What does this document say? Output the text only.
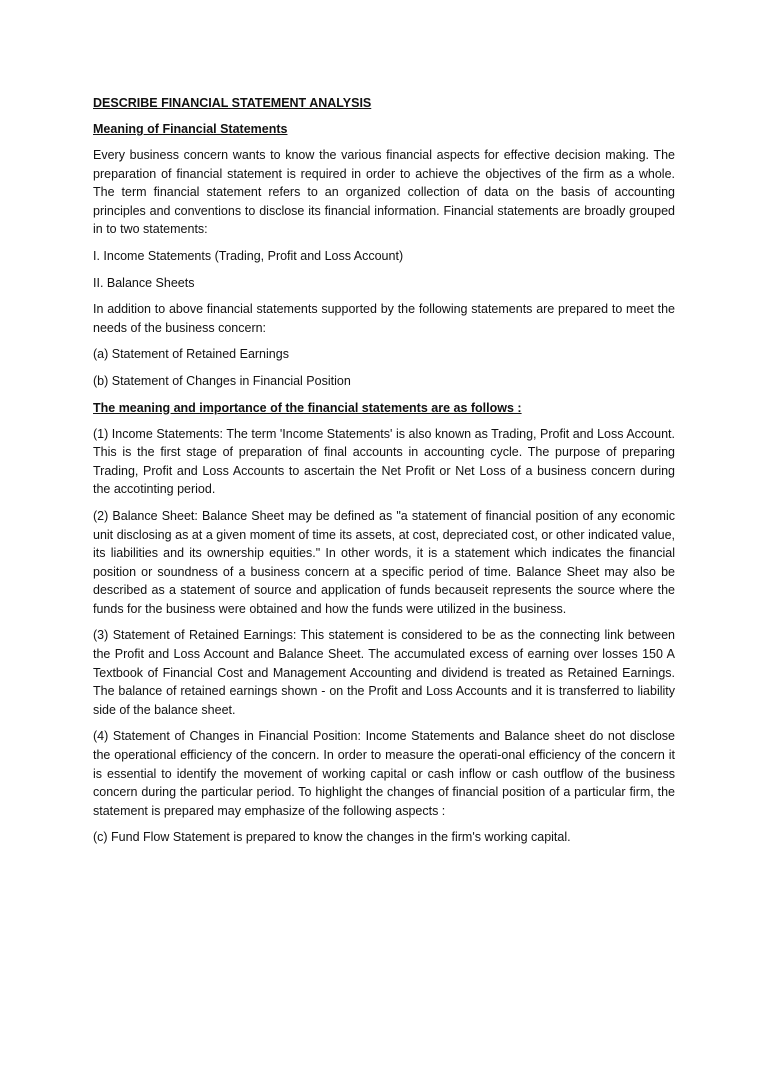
DESCRIBE FINANCIAL STATEMENT ANALYSIS
Meaning of Financial Statements

Every business concern wants to know the various financial aspects for effective decision making. The preparation of financial statement is required in order to achieve the objectives of the firm as a whole. The term financial statement refers to an organized collection of data on the basis of accounting principles and conventions to disclose its financial information. Financial statements are broadly grouped in to two statements:

I. Income Statements (Trading, Profit and Loss Account)

II. Balance Sheets

In addition to above financial statements supported by the following statements are prepared to meet the needs of the business concern:

(a) Statement of Retained Earnings

(b) Statement of Changes in Financial Position

The meaning and importance of the financial statements are as follows :

(1) Income Statements: The term 'Income Statements' is also known as Trading, Profit and Loss Account. This is the first stage of preparation of final accounts in accounting cycle. The purpose of preparing Trading, Profit and Loss Accounts to ascertain the Net Profit or Net Loss of a business concern during the accotinting period.

(2) Balance Sheet: Balance Sheet may be defined as "a statement of financial position of any economic unit disclosing as at a given moment of time its assets, at cost, depreciated cost, or other indicated value, its liabilities and its ownership equities." In other words, it is a statement which indicates the financial position or soundness of a business concern at a specific period of time. Balance Sheet may also be described as a statement of source and application of funds becauseit represents the source where the funds for the business were obtained and how the funds were utilized in the business.

(3) Statement of Retained Earnings: This statement is considered to be as the connecting link between the Profit and Loss Account and Balance Sheet. The accumulated excess of earning over losses 150 A Textbook of Financial Cost and Management Accounting and dividend is treated as Retained Earnings. The balance of retained earnings shown - on the Profit and Loss Accounts and it is transferred to liability side of the balance sheet.

(4) Statement of Changes in Financial Position: Income Statements and Balance sheet do not disclose the operational efficiency of the concern. In order to measure the operati-onal efficiency of the concern it is essential to identify the movement of working capital or cash inflow or cash outflow of the business concern during the particular period. To highlight the changes of financial position of a particular firm, the statement is prepared may emphasize of the following aspects :

(c) Fund Flow Statement is prepared to know the changes in the firm's working capital.
